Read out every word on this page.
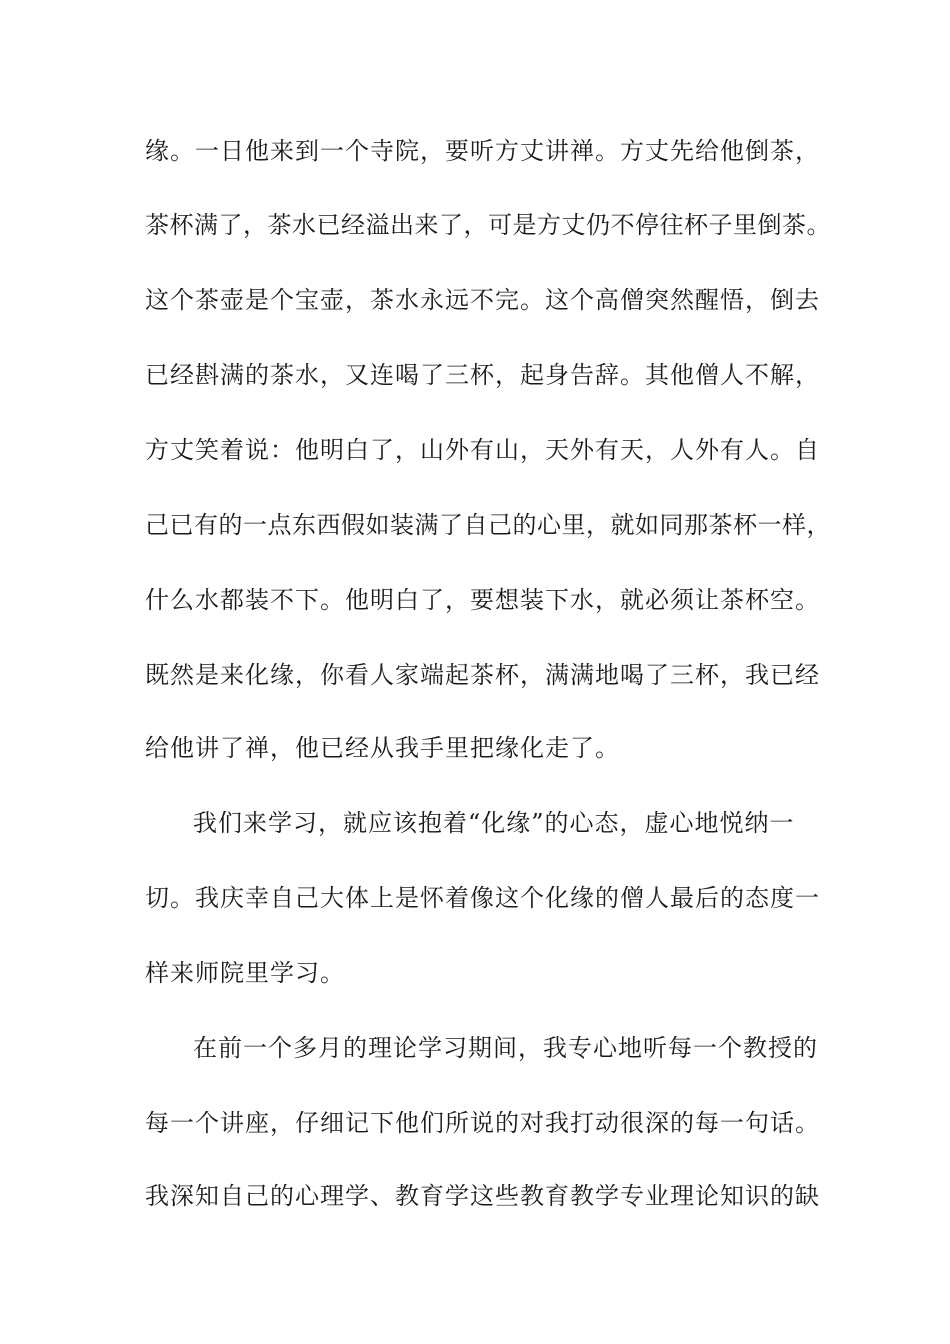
缘。一日他来到一个寺院，要听方丈讲禅。方丈先给他倒茶，
茶杯满了，茶水已经溢出来了，可是方丈仍不停往杯子里倒茶。
这个茶壶是个宝壶，茶水永远不完。这个高僧突然醒悟，倒去
已经斟满的茶水，又连喝了三杯，起身告辞。其他僧人不解，
方丈笑着说：他明白了，山外有山，天外有天，人外有人。自
己已有的一点东西假如装满了自己的心里，就如同那茶杯一样，
什么水都装不下。他明白了，要想装下水，就必须让茶杯空。
既然是来化缘，你看人家端起茶杯，满满地喝了三杯，我已经
给他讲了禅，他已经从我手里把缘化走了。
我们来学习，就应该抱着“化缘”的心态，虚心地悦纳一
切。我庆幸自己大体上是怀着像这个化缘的僧人最后的态度一
样来师院里学习。
在前一个多月的理论学习期间，我专心地听每一个教授的
每一个讲座，仔细记下他们所说的对我打动很深的每一句话。
我深知自己的心理学、教育学这些教育教学专业理论知识的缺
